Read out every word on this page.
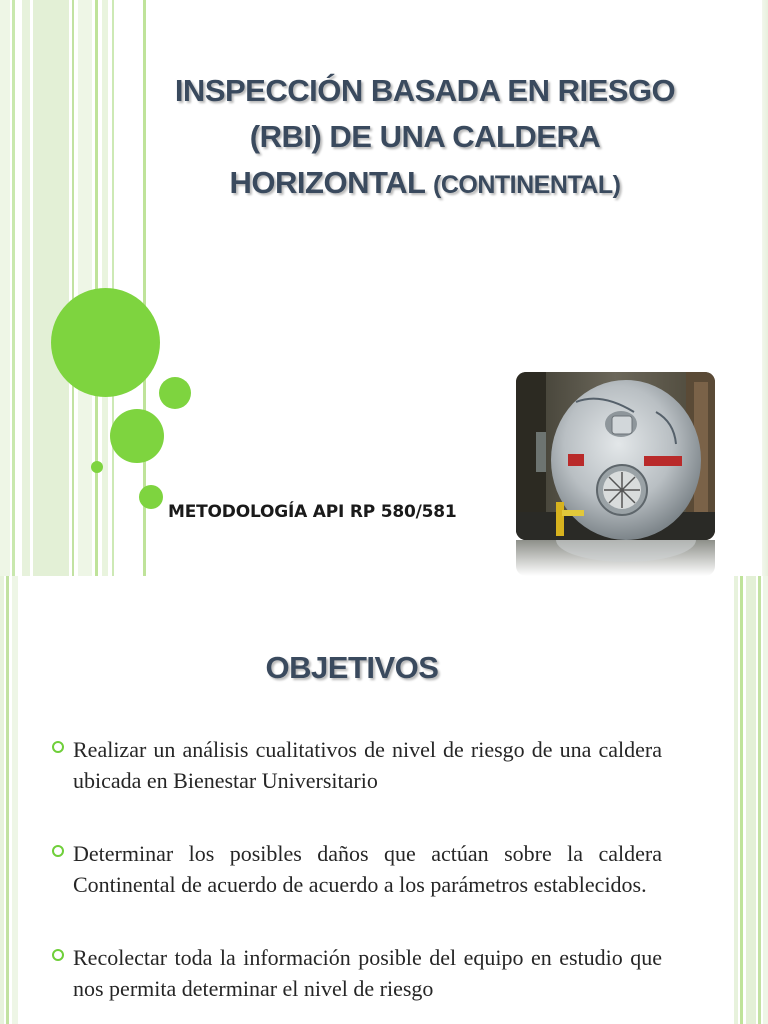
INSPECCIÓN BASADA EN RIESGO
(RBI) DE UNA CALDERA
HORIZONTAL (CONTINENTAL)
METODOLOGÍA API RP 580/581
OBJETIVOS
Realizar un análisis cualitativos de nivel de riesgo de una caldera ubicada en Bienestar Universitario
Determinar los posibles daños que actúan sobre la caldera Continental de acuerdo de acuerdo a los parámetros establecidos.
Recolectar toda la información posible del equipo en estudio que nos permita determinar el nivel de riesgo
